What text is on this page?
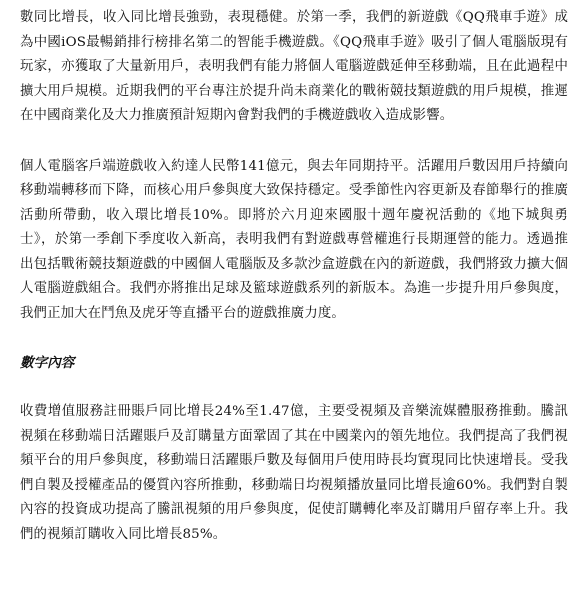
數同比增長，收入同比增長強勁，表現穩健。於第一季，我們的新遊戲《QQ飛車手遊》成為中國iOS最暢銷排行榜排名第二的智能手機遊戲。《QQ飛車手遊》吸引了個人電腦版現有玩家，亦獲取了大量新用戶，表明我們有能力將個人電腦遊戲延伸至移動端，且在此過程中擴大用戶規模。近期我們的平台專注於提升尚未商業化的戰術競技類遊戲的用戶規模，推遲在中國商業化及大力推廣預計短期內會對我們的手機遊戲收入造成影響。

個人電腦客戶端遊戲收入約達人民幣141億元，與去年同期持平。活躍用戶數因用戶持續向移動端轉移而下降，而核心用戶參與度大致保持穩定。受季節性內容更新及春節舉行的推廣活動所帶動，收入環比增長10%。即將於六月迎來國服十週年慶祝活動的《地下城與勇士》，於第一季創下季度收入新高，表明我們有對遊戲專營權進行長期運營的能力。透過推出包括戰術競技類遊戲的中國個人電腦版及多款沙盒遊戲在內的新遊戲，我們將致力擴大個人電腦遊戲組合。我們亦將推出足球及籃球遊戲系列的新版本。為進一步提升用戶參與度，我們正加大在鬥魚及虎牙等直播平台的遊戲推廣力度。

數字內容

收費增值服務註冊賬戶同比增長24%至1.47億，主要受視頻及音樂流媒體服務推動。騰訊視頻在移動端日活躍賬戶及訂購量方面鞏固了其在中國業內的領先地位。我們提高了我們視頻平台的用戶參與度，移動端日活躍賬戶數及每個用戶使用時長均實現同比快速增長。受我們自製及授權產品的優質內容所推動，移動端日均視頻播放量同比增長逾60%。我們對自製內容的投資成功提高了騰訊視頻的用戶參與度，促使訂購轉化率及訂購用戶留存率上升。我們的視頻訂購收入同比增長85%。
